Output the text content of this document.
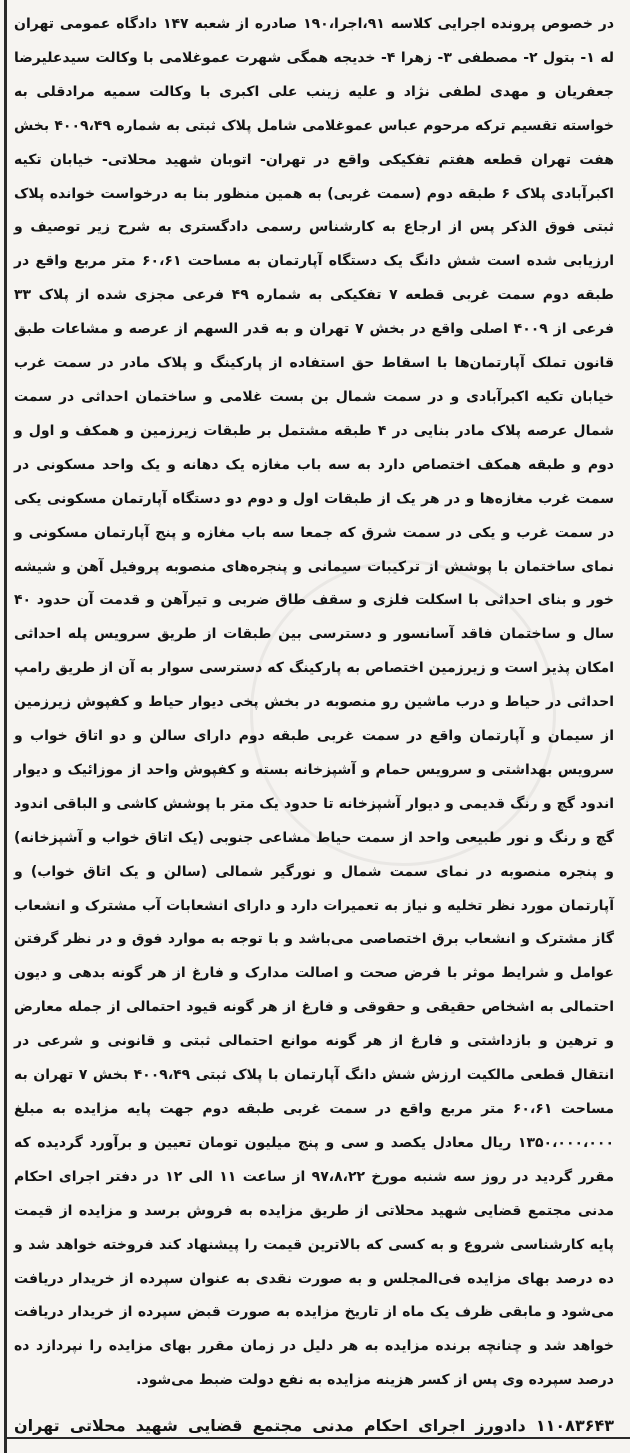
در خصوص پرونده اجرایی کلاسه ۹۱،اجرا،۱۹۰ صادره از شعبه ۱۴۷ دادگاه عمومی تهران له ۱- بتول ۲- مصطفی ۳- زهرا ۴- خدیجه همگی شهرت عموغلامی با وکالت سیدعلیرضا جعفریان و مهدی لطفی نژاد و علیه زینب علی اکبری با وکالت سمیه مرادقلی به خواسته تقسیم ترکه مرحوم عباس عموغلامی شامل پلاک ثبتی به شماره ۴۰۰۹،۴۹ بخش هفت تهران قطعه هفتم تفکیکی واقع در تهران- اتوبان شهید محلاتی- خیابان تکیه اکبرآبادی پلاک ۶ طبقه دوم (سمت غربی) به همین منظور بنا به درخواست خوانده پلاک ثبتی فوق الذکر پس از ارجاع به کارشناس رسمی دادگستری به شرح زیر توصیف و ارزیابی شده است شش دانگ یک دستگاه آپارتمان به مساحت ۶۰،۶۱ متر مربع واقع در طبقه دوم سمت غربی قطعه ۷ تفکیکی به شماره ۴۹ فرعی مجزی شده از پلاک ۳۳ فرعی از ۴۰۰۹ اصلی واقع در بخش ۷ تهران و به قدر السهم از عرصه و مشاعات طبق قانون تملک آپارتمان‌ها با اسقاط حق استفاده از پارکینگ و پلاک مادر در سمت غرب خیابان تکیه اکبرآبادی و در سمت شمال بن بست غلامی و ساختمان احداثی در سمت شمال عرصه پلاک مادر بنایی در ۴ طبقه مشتمل بر طبقات زیرزمین و همکف و اول و دوم و طبقه همکف اختصاص دارد به سه باب مغازه یک دهانه و یک واحد مسکونی در سمت غرب مغازه‌ها و در هر یک از طبقات اول و دوم دو دستگاه آپارتمان مسکونی یکی در سمت غرب و یکی در سمت شرق که جمعا سه باب مغازه و پنج آپارتمان مسکونی و نمای ساختمان با پوشش از ترکیبات سیمانی و پنجره‌های منصوبه پروفیل آهن و شیشه خور و بنای احداثی با اسکلت فلزی و سقف طاق ضربی و تیرآهن و قدمت آن حدود ۴۰ سال و ساختمان فاقد آسانسور و دسترسی بین طبقات از طریق سرویس پله احداثی امکان پذیر است و زیرزمین اختصاص به پارکینگ که دسترسی سوار به آن از طریق رامپ احداثی در حیاط و درب ماشین رو منصوبه در بخش پخی دیوار حیاط و کفپوش زیرزمین از سیمان و آپارتمان واقع در سمت غربی طبقه دوم دارای سالن و دو اتاق خواب و سرویس بهداشتی و سرویس حمام و آشپزخانه بسته و کفپوش واحد از موزائیک و دیوار اندود گچ و رنگ قدیمی و دیوار آشپزخانه تا حدود یک متر با پوشش کاشی و الباقی اندود گچ و رنگ و نور طبیعی واحد از سمت حیاط مشاعی جنوبی (یک اتاق خواب و آشپزخانه) و پنجره منصوبه در نمای سمت شمال و نورگیر شمالی (سالن و یک اتاق خواب) و آپارتمان مورد نظر تخلیه و نیاز به تعمیرات دارد و دارای انشعابات آب مشترک و انشعاب گاز مشترک و انشعاب برق اختصاصی می‌باشد و با توجه به موارد فوق و در نظر گرفتن عوامل و شرایط موثر با فرض صحت و اصالت مدارک و فارغ از هر گونه بدهی و دیون احتمالی به اشخاص حقیقی و حقوقی و فارغ از هر گونه قیود احتمالی از جمله معارض و ترهین و بازداشتی و فارغ از هر گونه موانع احتمالی ثبتی و قانونی و شرعی در انتقال قطعی مالکیت ارزش شش دانگ آپارتمان با پلاک ثبتی ۴۰۰۹،۴۹ بخش ۷ تهران به مساحت ۶۰،۶۱ متر مربع واقع در سمت غربی طبقه دوم جهت پایه مزایده به مبلغ ۱۳۵۰،۰۰۰،۰۰۰ ریال معادل یکصد و سی و پنج میلیون تومان تعیین و برآورد گردیده که مقرر گردید در روز سه شنبه مورخ ۹۷،۸،۲۲ از ساعت ۱۱ الی ۱۲ در دفتر اجرای احکام مدنی مجتمع قضایی شهید محلاتی از طریق مزایده به فروش برسد و مزایده از قیمت پایه کارشناسی شروع و به کسی که بالاترین قیمت را پیشنهاد کند فروخته خواهد شد و ده درصد بهای مزایده فی‌المجلس و به صورت نقدی به عنوان سپرده از خریدار دریافت می‌شود و مابقی ظرف یک ماه از تاریخ مزایده به صورت قبض سپرده از خریدار دریافت خواهد شد و چنانچه برنده مزایده به هر دلیل در زمان مقرر بهای مزایده را نپردازد ده درصد سپرده وی پس از کسر هزینه مزایده به نفع دولت ضبط می‌شود.

۱۱۰۸۳۶۴۳ دادورز اجرای احکام مدنی مجتمع قضایی شهید محلاتی تهران
